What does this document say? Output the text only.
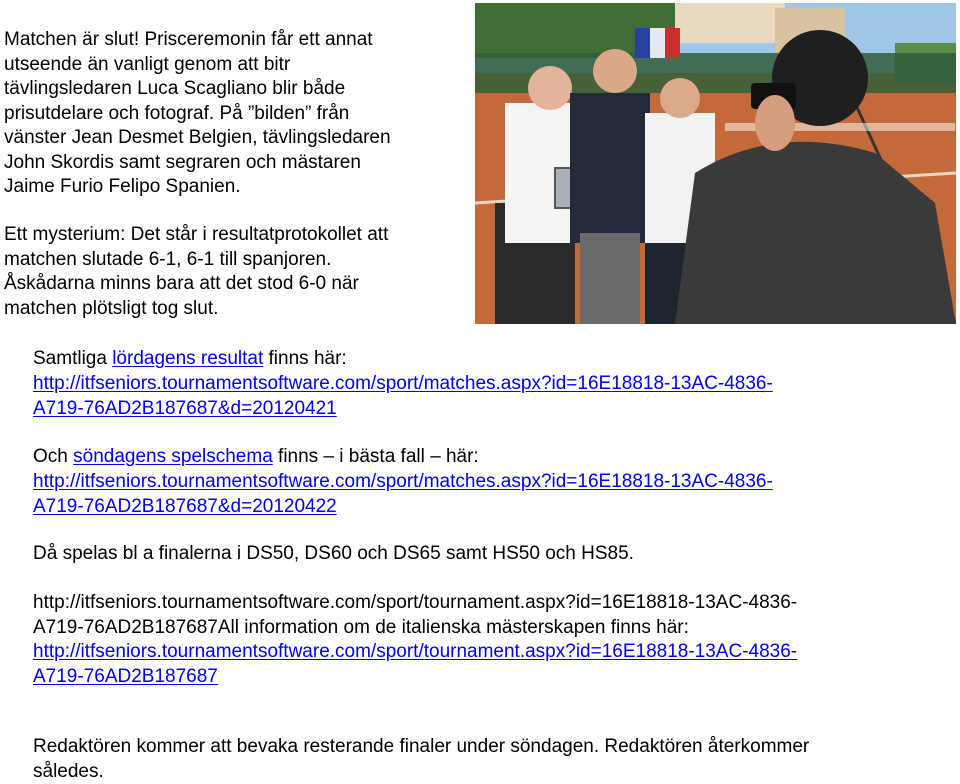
Matchen är slut! Prisceremonin får ett annat
utseende än vanligt genom att bitr
tävlingsledaren Luca Scagliano blir både
prisutdelare och fotograf. På ”bilden” från
vänster Jean Desmet Belgien, tävlingsledaren
John Skordis samt segraren och mästaren
Jaime Furio Felipo Spanien.
Ett mysterium: Det står i resultatprotokollet att
matchen slutade 6-1, 6-1 till spanjoren.
Åskådarna minns bara att det stod 6-0 när
matchen plötsligt tog slut.
Samtliga lördagens resultat finns här:
http://itfseniors.tournamentsoftware.com/sport/matches.aspx?id=16E18818-13AC-4836-
A719-76AD2B187687&d=20120421
Och söndagens spelschema finns – i bästa fall – här:
http://itfseniors.tournamentsoftware.com/sport/matches.aspx?id=16E18818-13AC-4836-
A719-76AD2B187687&d=20120422
Då spelas bl a finalerna i DS50, DS60 och DS65 samt HS50 och HS85.
http://itfseniors.tournamentsoftware.com/sport/tournament.aspx?id=16E18818-13AC-4836-
A719-76AD2B187687All information om de italienska mästerskapen finns här:
http://itfseniors.tournamentsoftware.com/sport/tournament.aspx?id=16E18818-13AC-4836-
A719-76AD2B187687
Redaktören kommer att bevaka resterande finaler under söndagen. Redaktören återkommer
således.
